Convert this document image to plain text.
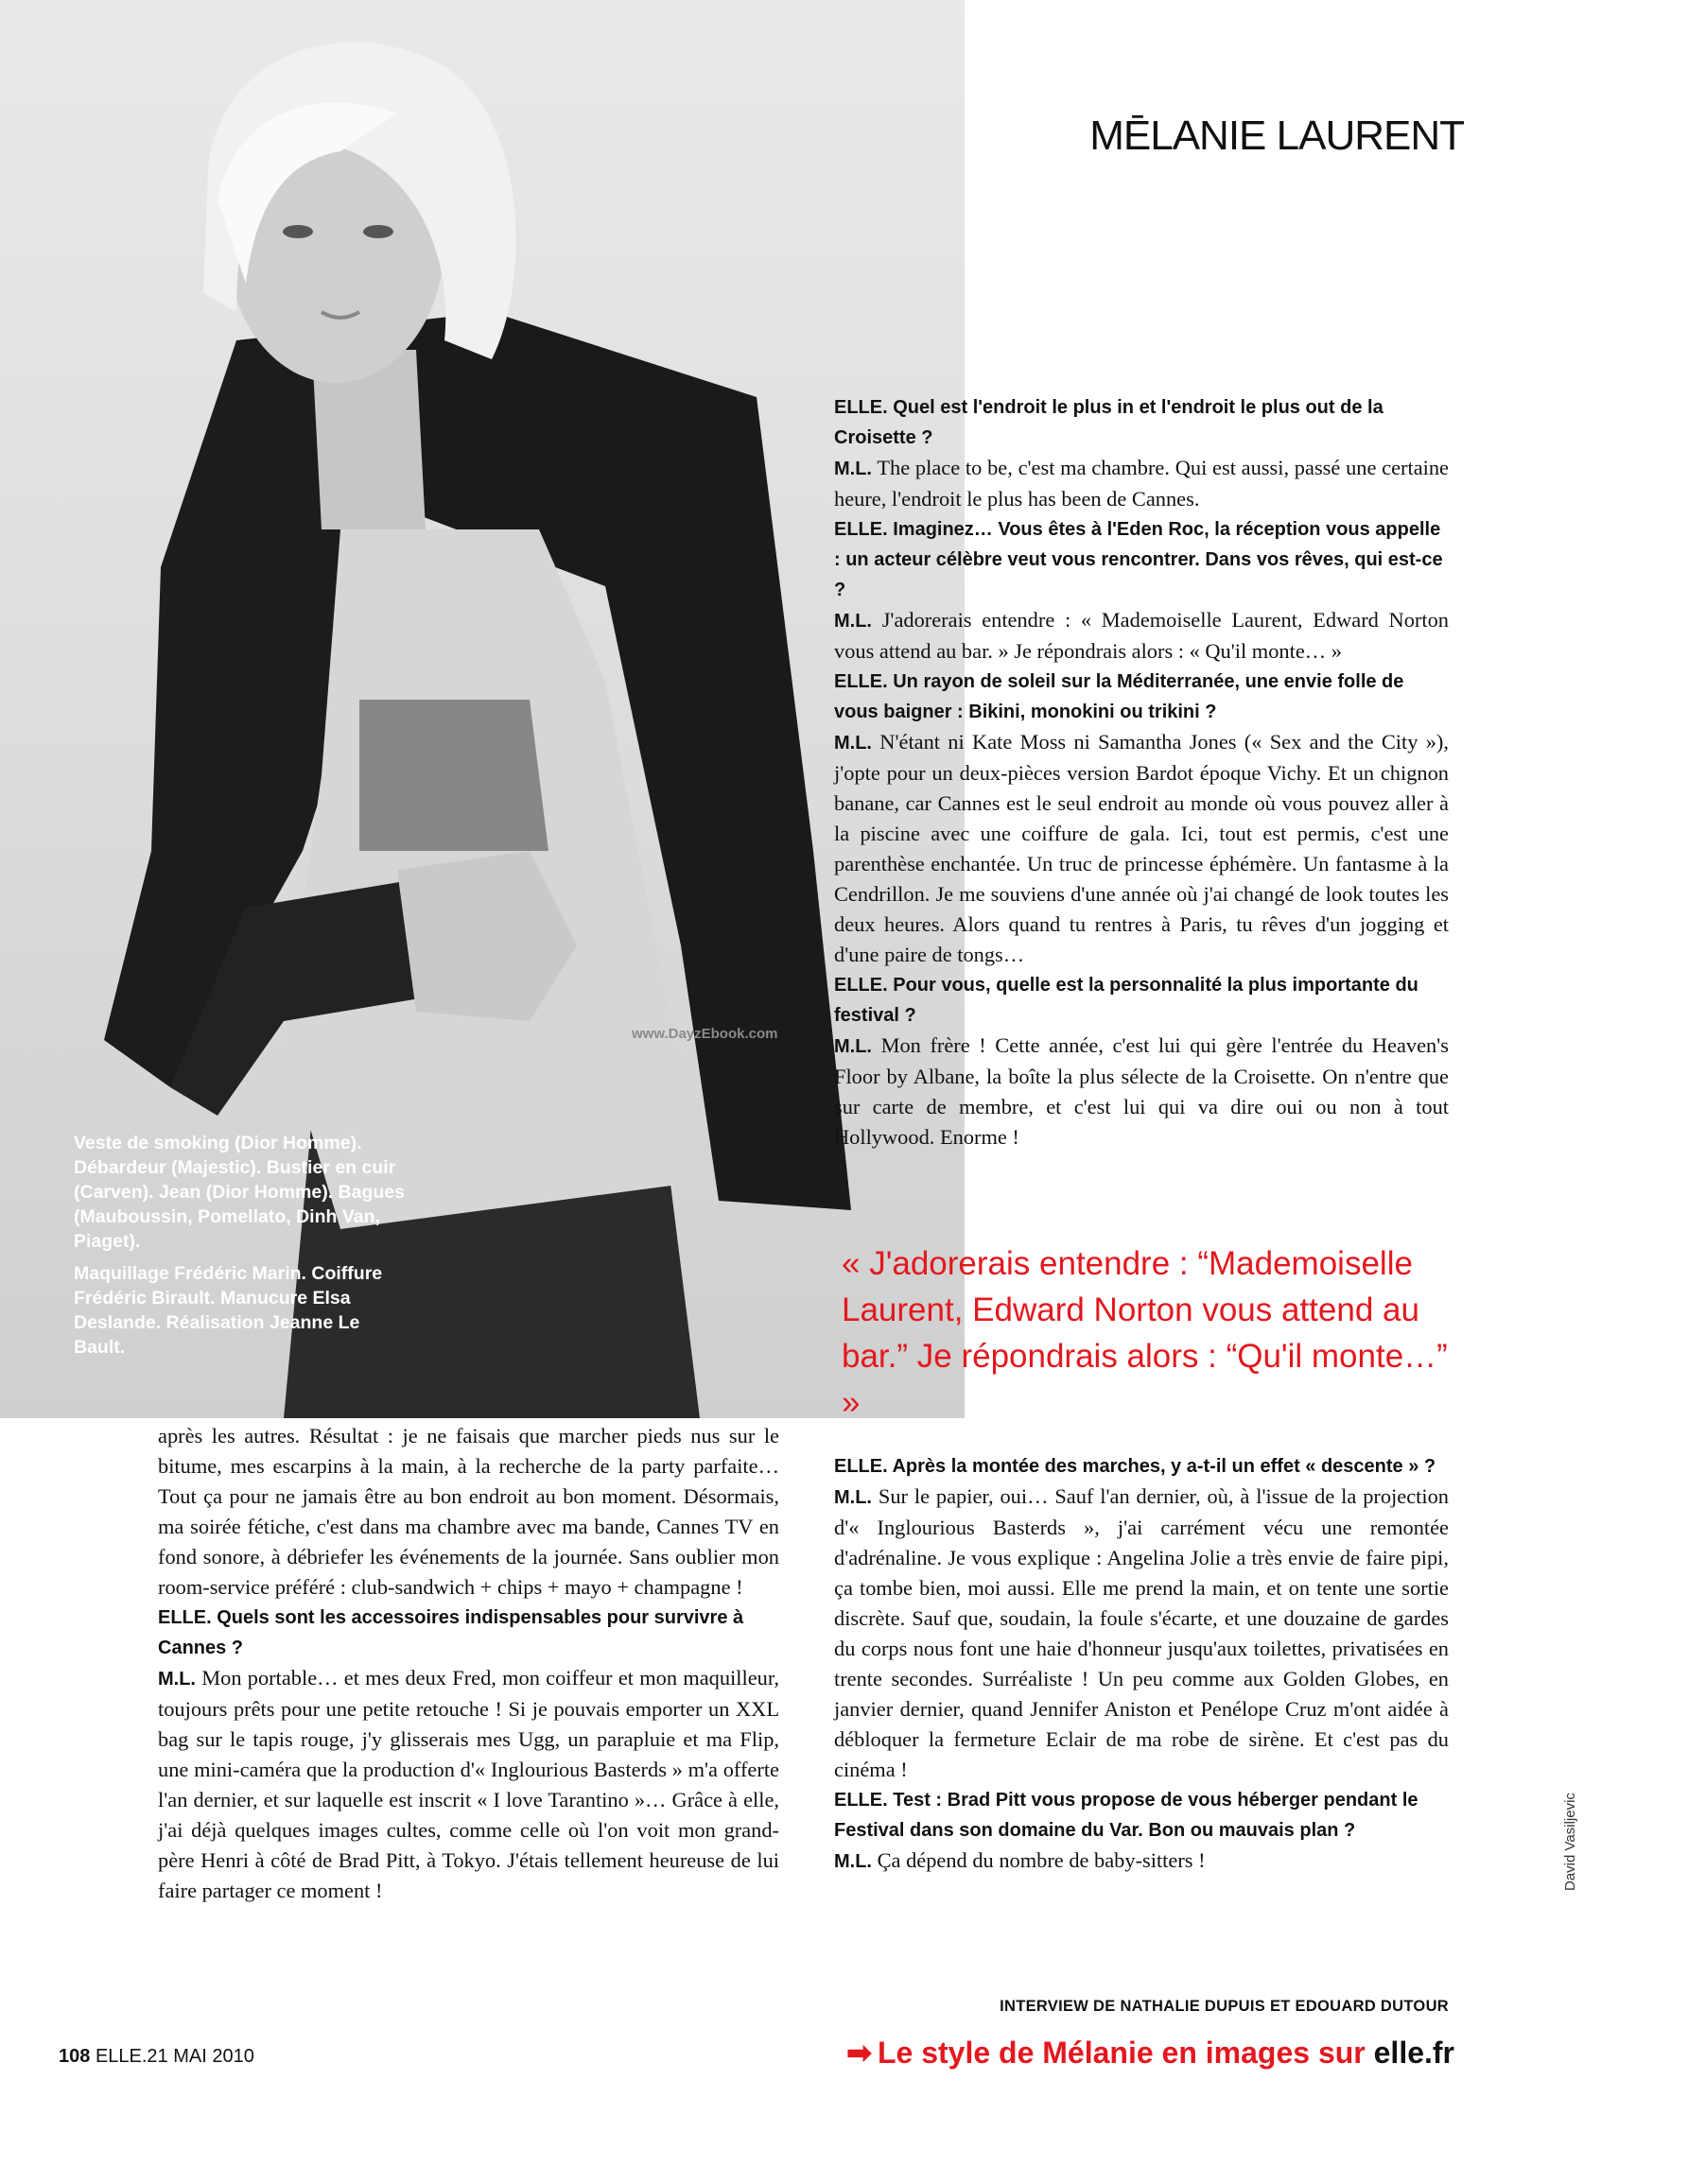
www.DayzEbook.com

Veste de smoking (Dior Homme). Débardeur (Majestic). Bustier en cuir (Carven). Jean (Dior Homme). Bagues (Mauboussin, Pomellato, Dinh Van, Piaget).

Maquillage Frédéric Marin. Coiffure Frédéric Birault. Manucure Elsa Deslande. Réalisation Jeanne Le Bault.

MĒLANIE LAURENT

ELLE. Quel est l'endroit le plus in et l'endroit le plus out de la Croisette ?

M.L. The place to be, c'est ma chambre. Qui est aussi, passé une certaine heure, l'endroit le plus has been de Cannes.

ELLE. Imaginez… Vous êtes à l'Eden Roc, la réception vous appelle : un acteur célèbre veut vous rencontrer. Dans vos rêves, qui est-ce ?

M.L. J'adorerais entendre : « Mademoiselle Laurent, Edward Norton vous attend au bar. » Je répondrais alors : « Qu'il monte… »

ELLE. Un rayon de soleil sur la Méditerranée, une envie folle de vous baigner : Bikini, monokini ou trikini ?

M.L. N'étant ni Kate Moss ni Samantha Jones (« Sex and the City »), j'opte pour un deux-pièces version Bardot époque Vichy. Et un chignon banane, car Cannes est le seul endroit au monde où vous pouvez aller à la piscine avec une coiffure de gala. Ici, tout est permis, c'est une parenthèse enchantée. Un truc de princesse éphémère. Un fantasme à la Cendrillon. Je me souviens d'une année où j'ai changé de look toutes les deux heures. Alors quand tu rentres à Paris, tu rêves d'un jogging et d'une paire de tongs…

ELLE. Pour vous, quelle est la personnalité la plus importante du festival ?

M.L. Mon frère ! Cette année, c'est lui qui gère l'entrée du Heaven's Floor by Albane, la boîte la plus sélecte de la Croisette. On n'entre que sur carte de membre, et c'est lui qui va dire oui ou non à tout Hollywood. Enorme !

« J'adorerais entendre : “Mademoiselle Laurent, Edward Norton vous attend au bar.” Je répondrais alors : “Qu'il monte…” »

ELLE. Après la montée des marches, y a-t-il un effet « descente » ?

M.L. Sur le papier, oui… Sauf l'an dernier, où, à l'issue de la projection d'« Inglourious Basterds », j'ai carrément vécu une remontée d'adrénaline. Je vous explique : Angelina Jolie a très envie de faire pipi, ça tombe bien, moi aussi. Elle me prend la main, et on tente une sortie discrète. Sauf que, soudain, la foule s'écarte, et une douzaine de gardes du corps nous font une haie d'honneur jusqu'aux toilettes, privatisées en trente secondes. Surréaliste ! Un peu comme aux Golden Globes, en janvier dernier, quand Jennifer Aniston et Penélope Cruz m'ont aidée à débloquer la fermeture Eclair de ma robe de sirène. Et c'est pas du cinéma !

ELLE. Test : Brad Pitt vous propose de vous héberger pendant le Festival dans son domaine du Var. Bon ou mauvais plan ?

M.L. Ça dépend du nombre de baby-sitters !

après les autres. Résultat : je ne faisais que marcher pieds nus sur le bitume, mes escarpins à la main, à la recherche de la party parfaite… Tout ça pour ne jamais être au bon endroit au bon moment. Désormais, ma soirée fétiche, c'est dans ma chambre avec ma bande, Cannes TV en fond sonore, à débriefer les événements de la journée. Sans oublier mon room-service préféré : club-sandwich + chips + mayo + champagne !

ELLE. Quels sont les accessoires indispensables pour survivre à Cannes ?

M.L. Mon portable… et mes deux Fred, mon coiffeur et mon maquilleur, toujours prêts pour une petite retouche ! Si je pouvais emporter un XXL bag sur le tapis rouge, j'y glisserais mes Ugg, un parapluie et ma Flip, une mini-caméra que la production d'« Inglourious Basterds » m'a offerte l'an dernier, et sur laquelle est inscrit « I love Tarantino »… Grâce à elle, j'ai déjà quelques images cultes, comme celle où l'on voit mon grand-père Henri à côté de Brad Pitt, à Tokyo. J'étais tellement heureuse de lui faire partager ce moment !

INTERVIEW DE NATHALIE DUPUIS ET EDOUARD DUTOUR
108 ELLE.21 MAI 2010	➡ Le style de Mélanie en images sur elle.fr
David Vasiljevic
